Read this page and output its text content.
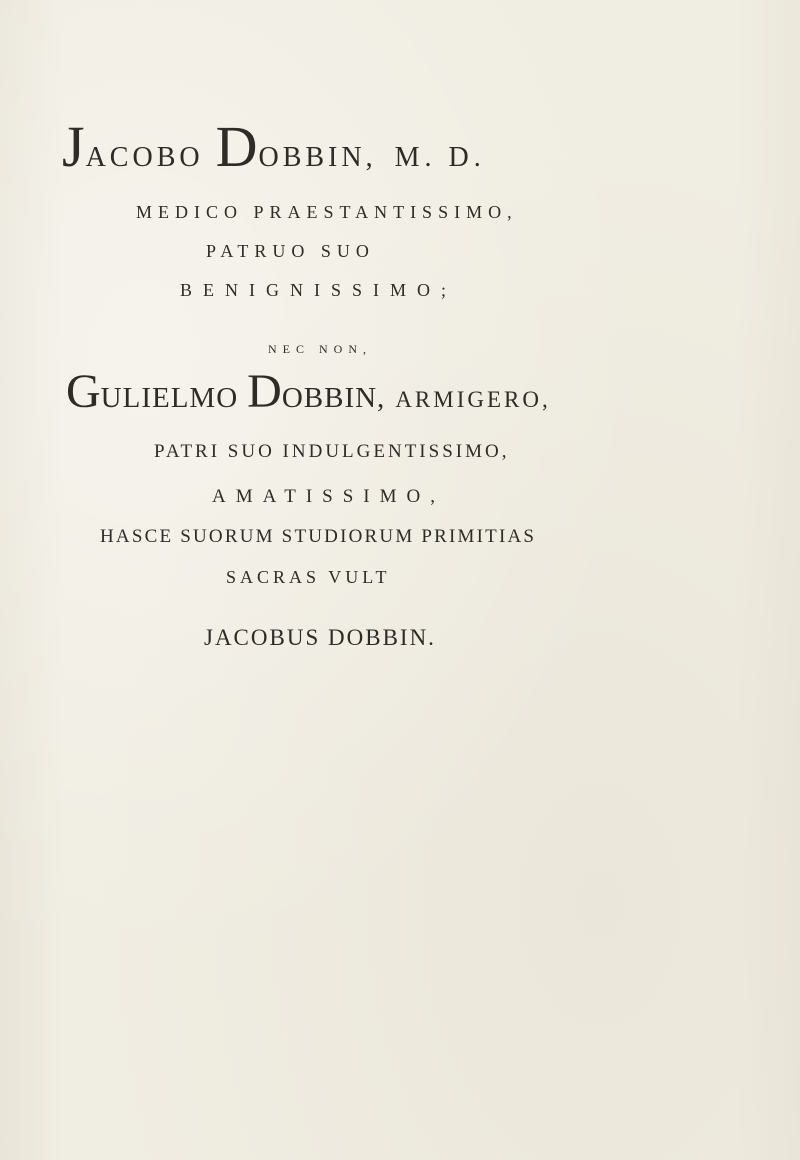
JACOBO DOBBIN, M. D.
MEDICO PRAESTANTISSIMO,
PATRUO SUO
BENIGNISSIMO;
NEC NON,
GULIELMO DOBBIN, ARMIGERO,
PATRI SUO INDULGENTISSIMO,
AMATISSIMO,
HASCE SUORUM STUDIORUM PRIMITIAS
SACRAS VULT
JACOBUS DOBBIN.
